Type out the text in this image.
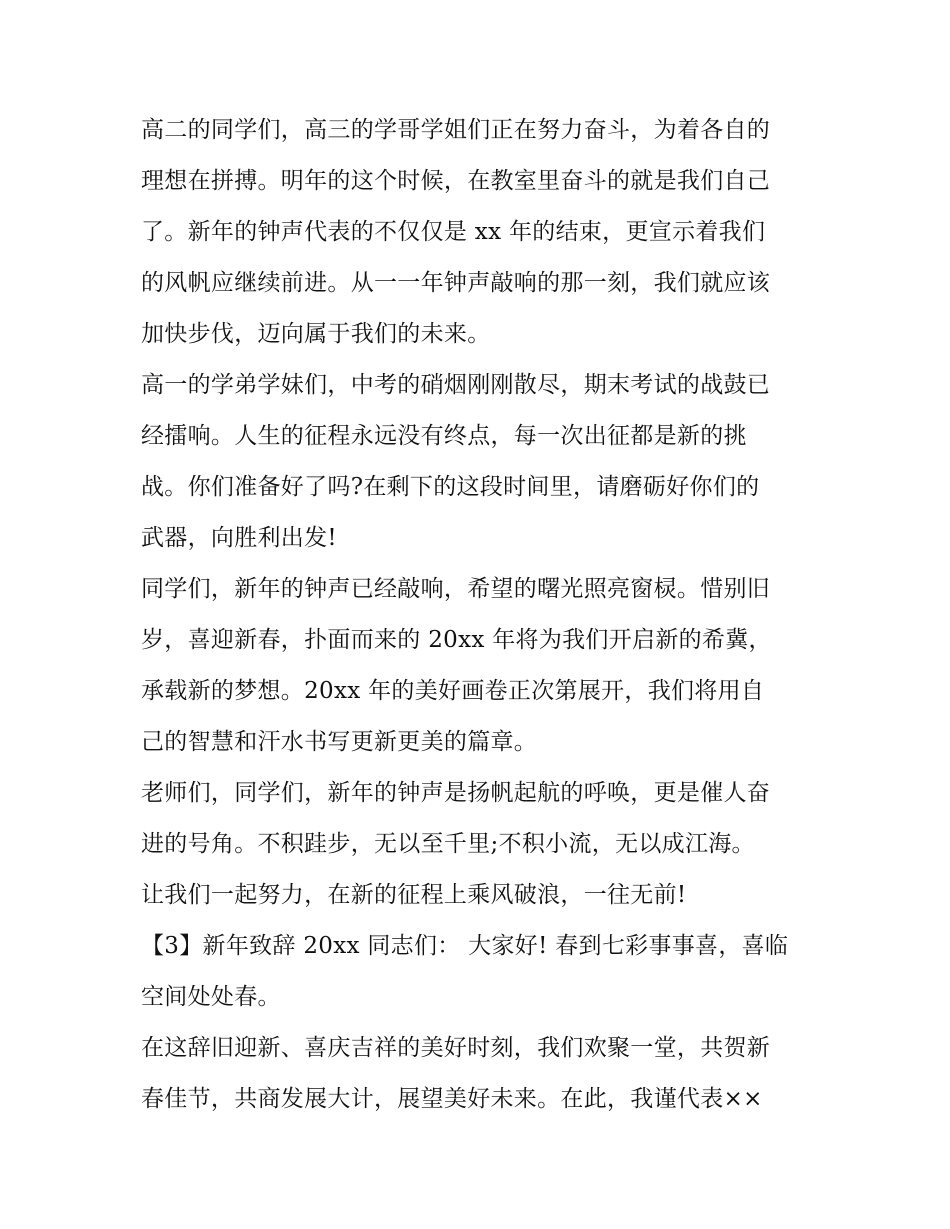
高二的同学们，高三的学哥学姐们正在努力奋斗，为着各自的
理想在拼搏。明年的这个时候，在教室里奋斗的就是我们自己
了。新年的钟声代表的不仅仅是 xx 年的结束，更宣示着我们
的风帆应继续前进。从一一年钟声敲响的那一刻，我们就应该
加快步伐，迈向属于我们的未来。
高一的学弟学妹们，中考的硝烟刚刚散尽，期末考试的战鼓已
经擂响。人生的征程永远没有终点，每一次出征都是新的挑
战。你们准备好了吗?在剩下的这段时间里，请磨砺好你们的
武器，向胜利出发!
同学们，新年的钟声已经敲响，希望的曙光照亮窗棂。惜别旧
岁，喜迎新春，扑面而来的 20xx 年将为我们开启新的希冀，
承载新的梦想。20xx 年的美好画卷正次第展开，我们将用自
己的智慧和汗水书写更新更美的篇章。
老师们，同学们，新年的钟声是扬帆起航的呼唤，更是催人奋
进的号角。不积跬步，无以至千里;不积小流，无以成江海。
让我们一起努力，在新的征程上乘风破浪，一往无前!
【3】新年致辞 20xx 同志们： 大家好! 春到七彩事事喜，喜临
空间处处春。
在这辞旧迎新、喜庆吉祥的美好时刻，我们欢聚一堂，共贺新
春佳节，共商发展大计，展望美好未来。在此，我谨代表××
